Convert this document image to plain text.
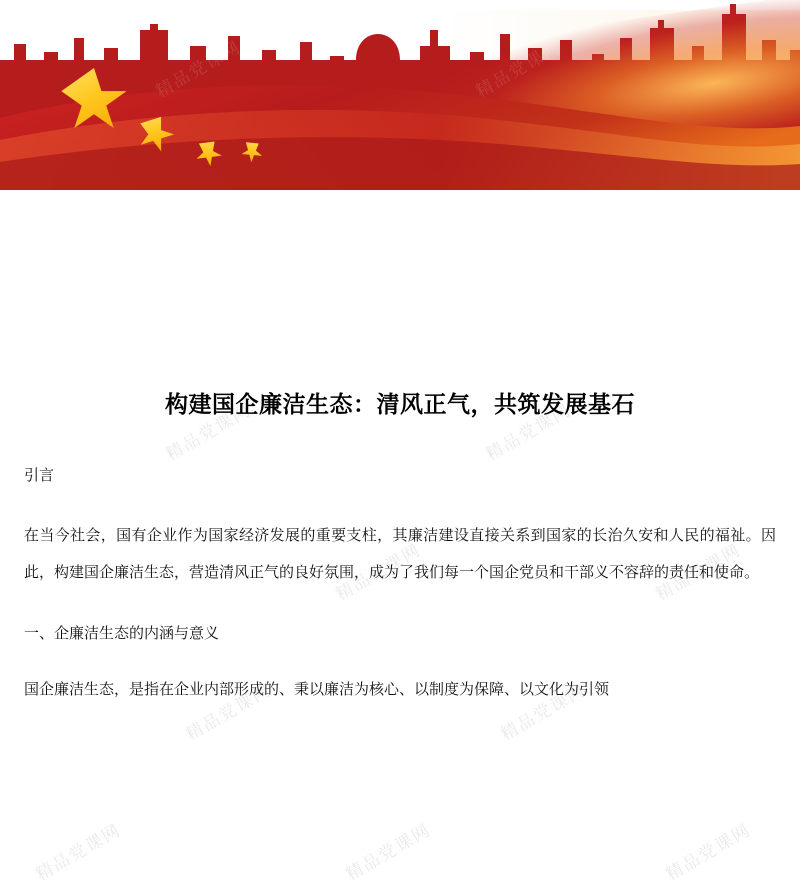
精品党课网	精品党课网
精品党课网	精品党课网
精品党课网	精品党课网
精品党课网	精品党课网
精品党课网
构建国企廉洁生态：清风正气，共筑发展基石

引言

在当今社会，国有企业作为国家经济发展的重要支柱，其廉洁建设直接关系到国家的长治久安和人民的福祉。因此，构建国企廉洁生态，营造清风正气的良好氛围，成为了我们每一个国企党员和干部义不容辞的责任和使命。

一、企廉洁生态的内涵与意义

国企廉洁生态，是指在企业内部形成的、秉以廉洁为核心、以制度为保障、以文化为引领
